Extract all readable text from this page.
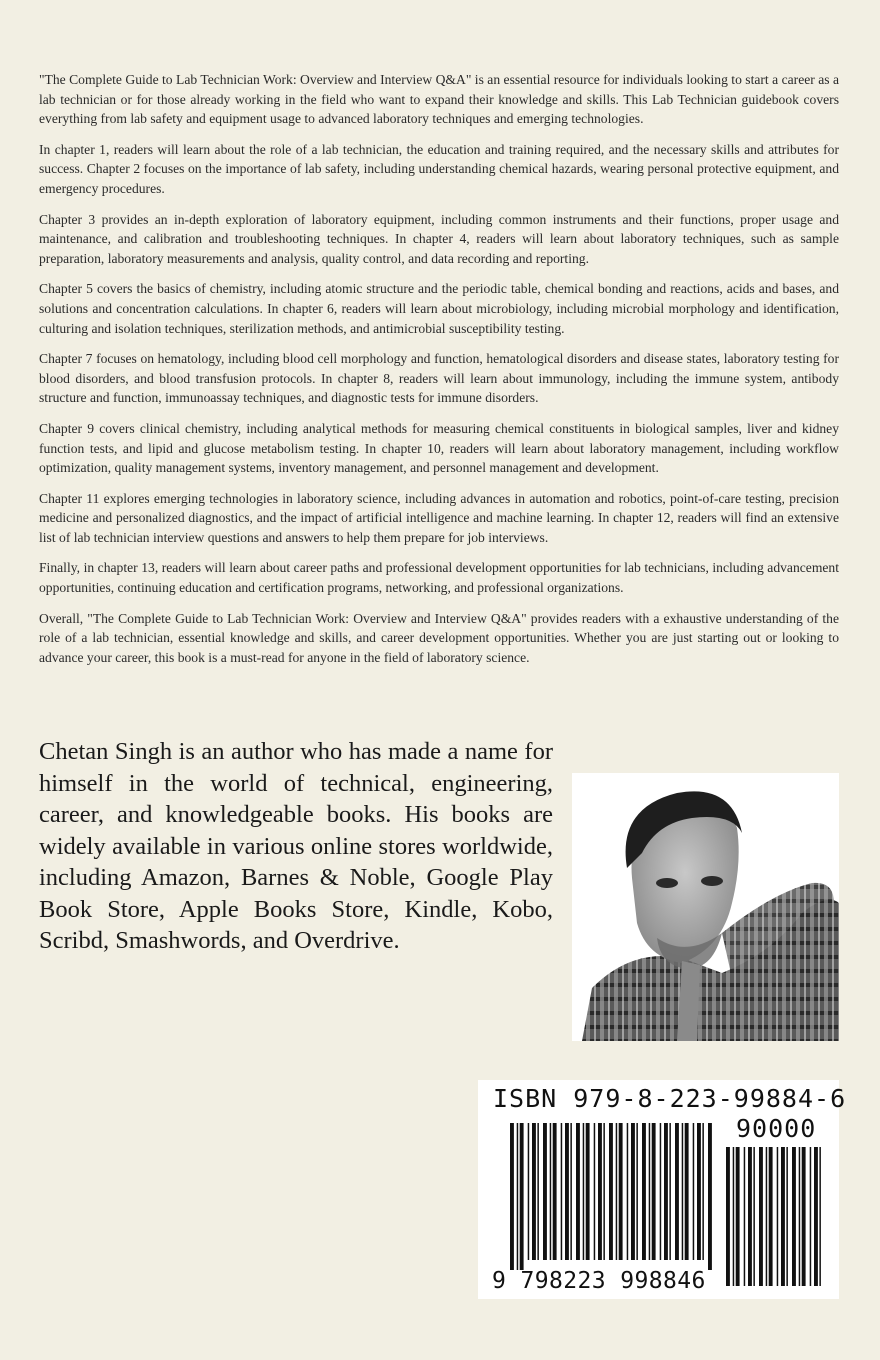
"The Complete Guide to Lab Technician Work: Overview and Interview Q&A" is an essential resource for individuals looking to start a career as a lab technician or for those already working in the field who want to expand their knowledge and skills. This Lab Technician guidebook covers everything from lab safety and equipment usage to advanced laboratory techniques and emerging technologies.

In chapter 1, readers will learn about the role of a lab technician, the education and training required, and the necessary skills and attributes for success. Chapter 2 focuses on the importance of lab safety, including understanding chemical hazards, wearing personal protective equipment, and emergency procedures.

Chapter 3 provides an in-depth exploration of laboratory equipment, including common instruments and their functions, proper usage and maintenance, and calibration and troubleshooting techniques. In chapter 4, readers will learn about laboratory techniques, such as sample preparation, laboratory measurements and analysis, quality control, and data recording and reporting.

Chapter 5 covers the basics of chemistry, including atomic structure and the periodic table, chemical bonding and reactions, acids and bases, and solutions and concentration calculations. In chapter 6, readers will learn about microbiology, including microbial morphology and identification, culturing and isolation techniques, sterilization methods, and antimicrobial susceptibility testing.

Chapter 7 focuses on hematology, including blood cell morphology and function, hematological disorders and disease states, laboratory testing for blood disorders, and blood transfusion protocols. In chapter 8, readers will learn about immunology, including the immune system, antibody structure and function, immunoassay techniques, and diagnostic tests for immune disorders.

Chapter 9 covers clinical chemistry, including analytical methods for measuring chemical constituents in biological samples, liver and kidney function tests, and lipid and glucose metabolism testing. In chapter 10, readers will learn about laboratory management, including workflow optimization, quality management systems, inventory management, and personnel management and development.

Chapter 11 explores emerging technologies in laboratory science, including advances in automation and robotics, point-of-care testing, precision medicine and personalized diagnostics, and the impact of artificial intelligence and machine learning. In chapter 12, readers will find an extensive list of lab technician interview questions and answers to help them prepare for job interviews.

Finally, in chapter 13, readers will learn about career paths and professional development opportunities for lab technicians, including advancement opportunities, continuing education and certification programs, networking, and professional organizations.

Overall, "The Complete Guide to Lab Technician Work: Overview and Interview Q&A" provides readers with a exhaustive understanding of the role of a lab technician, essential knowledge and skills, and career development opportunities. Whether you are just starting out or looking to advance your career, this book is a must-read for anyone in the field of laboratory science.

Chetan Singh is an author who has made a name for himself in the world of technical, engineering, career, and knowledgeable books. His books are widely available in various online stores worldwide, including Amazon, Barnes & Noble, Google Play Book Store, Apple Books Store, Kindle, Kobo, Scribd, Smashwords, and Overdrive.
ISBN 979-8-223-99884-6
90000
9 798223 998846
